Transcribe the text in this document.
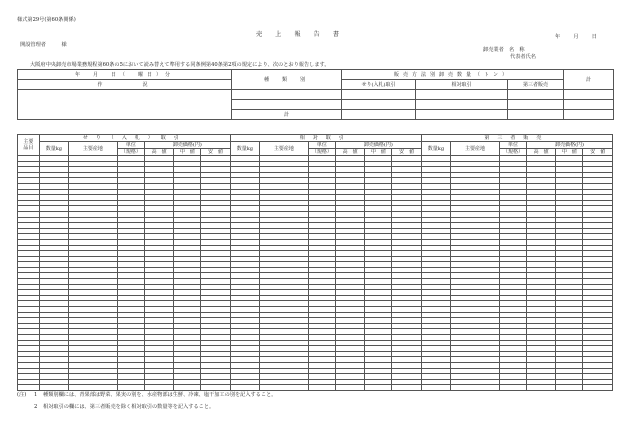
様式第29号(第60条関係)
売上報告書	年　月　日
開設管理者　　　様
卸売業者　名　称
代表者氏名
大阪府中央卸売市場業務規程第60条の5において読み替えて準用する同条例第40条第2項の規定により、次のとおり報告します。
年　月　日（　曜日）分	種　類　別	販売方法別卸売数量（トン）			計
作　　　　況		せり(入札)取引	相対取引	第三者販売	

	計				
主要品目	せり（入札）取引						相対取引						第三者販売					
	数量kg	主要産地	単位	卸売価格(円)			数量kg	主要産地	単位	卸売価格(円)			数量kg	主要産地	単位	卸売価格(円)		
			（規格）	高　値	中　値	安　値			（規格）	高　値	中　値	安　値			（規格）	高　値	中　値	安　値

(注) 1 種類別欄には、青果部は野菜、果実の別を、水産物部は生鮮、冷凍、塩干加工の別を記入すること。
2 相対取引の欄には、第三者販売を除く相対取引の数量等を記入すること。
